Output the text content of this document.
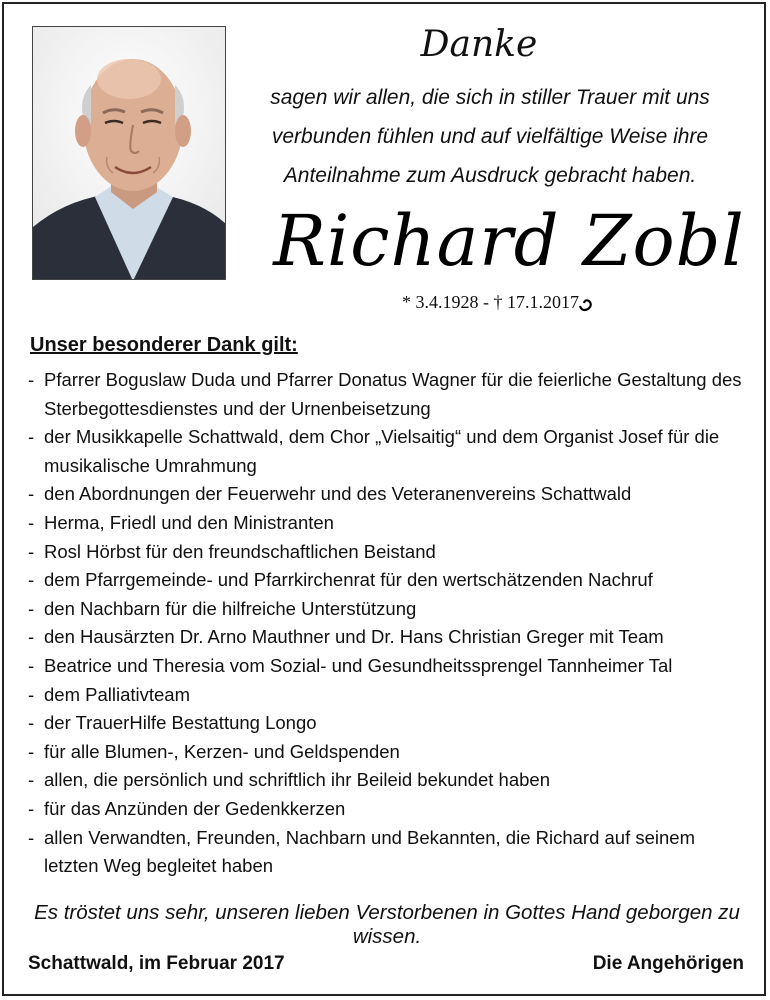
Danke
sagen wir allen, die sich in stiller Trauer mit uns
verbunden fühlen und auf vielfältige Weise ihre
Anteilnahme zum Ausdruck gebracht haben.
Richard Zobl
* 3.4.1928 - † 17.1.2017
Unser besonderer Dank gilt:
- Pfarrer Boguslaw Duda und Pfarrer Donatus Wagner für die feierliche Gestaltung des Sterbegottesdienstes und der Urnenbeisetzung
- der Musikkapelle Schattwald, dem Chor „Vielsaitig“ und dem Organist Josef für die musikalische Umrahmung
- den Abordnungen der Feuerwehr und des Veteranenvereins Schattwald
- Herma, Friedl und den Ministranten
- Rosl Hörbst für den freundschaftlichen Beistand
- dem Pfarrgemeinde- und Pfarrkirchenrat für den wertschätzenden Nachruf
- den Nachbarn für die hilfreiche Unterstützung
- den Hausärzten Dr. Arno Mauthner und Dr. Hans Christian Greger mit Team
- Beatrice und Theresia vom Sozial- und Gesundheitssprengel Tannheimer Tal
- dem Palliativteam
- der TrauerHilfe Bestattung Longo
- für alle Blumen-, Kerzen- und Geldspenden
- allen, die persönlich und schriftlich ihr Beileid bekundet haben
- für das Anzünden der Gedenkkerzen
- allen Verwandten, Freunden, Nachbarn und Bekannten, die Richard auf seinem letzten Weg begleitet haben
Es tröstet uns sehr, unseren lieben Verstorbenen in Gottes Hand geborgen zu wissen.
Schattwald, im Februar 2017	Die Angehörigen
